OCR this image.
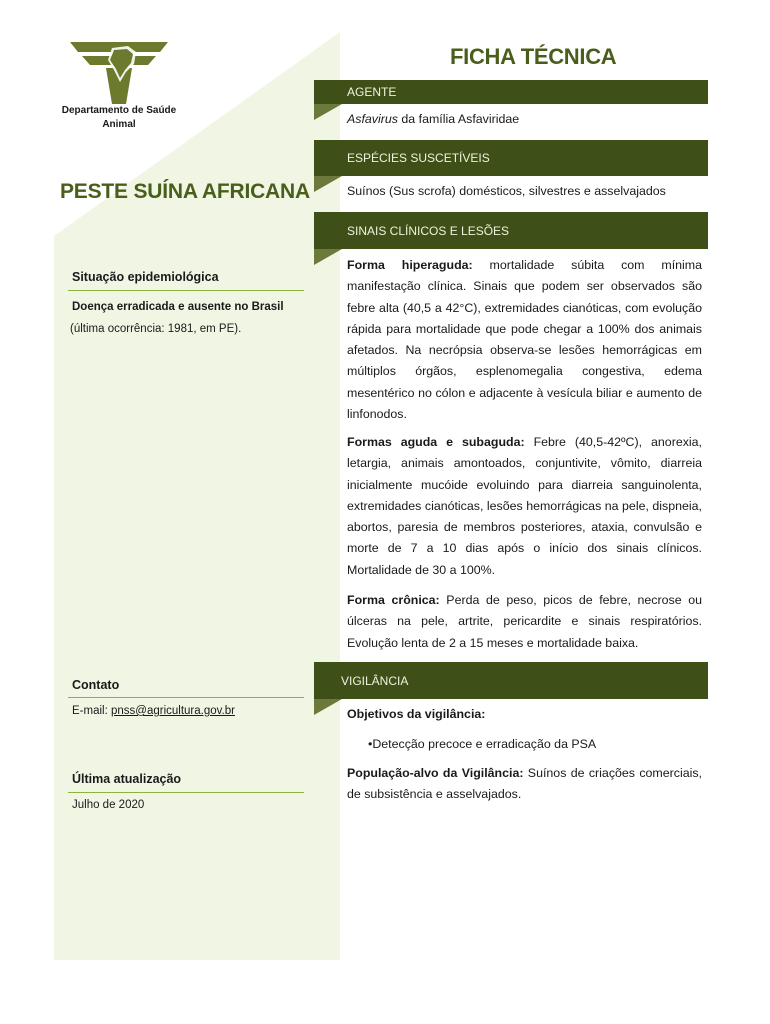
Departamento de Saúde Animal
PESTE SUÍNA AFRICANA
Situação epidemiológica
Doença erradicada e ausente no Brasil
(última ocorrência: 1981, em PE).
Contato
E-mail: pnss@agricultura.gov.br
Última atualização
Julho de 2020
FICHA TÉCNICA
AGENTE
Asfavirus da família Asfaviridae
ESPÉCIES SUSCETÍVEIS
Suínos (Sus scrofa) domésticos, silvestres e asselvajados
SINAIS CLÍNICOS E LESÕES

Forma hiperaguda: mortalidade súbita com mínima manifestação clínica. Sinais que podem ser observados são febre alta (40,5 a 42°C), extremidades cianóticas, com evolução rápida para mortalidade que pode chegar a 100% dos animais afetados. Na necrópsia observa-se lesões hemorrágicas em múltiplos órgãos, esplenomegalia congestiva, edema mesentérico no cólon e adjacente à vesícula biliar e aumento de linfonodos.

Formas aguda e subaguda: Febre (40,5-42ºC), anorexia, letargia, animais amontoados, conjuntivite, vômito, diarreia inicialmente mucóide evoluindo para diarreia sanguinolenta, extremidades cianóticas, lesões hemorrágicas na pele, dispneia, abortos, paresia de membros posteriores, ataxia, convulsão e morte de 7 a 10 dias após o início dos sinais clínicos. Mortalidade de 30 a 100%.

Forma crônica: Perda de peso, picos de febre, necrose ou úlceras na pele, artrite, pericardite e sinais respiratórios. Evolução lenta de 2 a 15 meses e mortalidade baixa.

VIGILÂNCIA
Objetivos da vigilância:
•Detecção precoce e erradicação da PSA

População-alvo da Vigilância: Suínos de criações comerciais, de subsistência e asselvajados.
